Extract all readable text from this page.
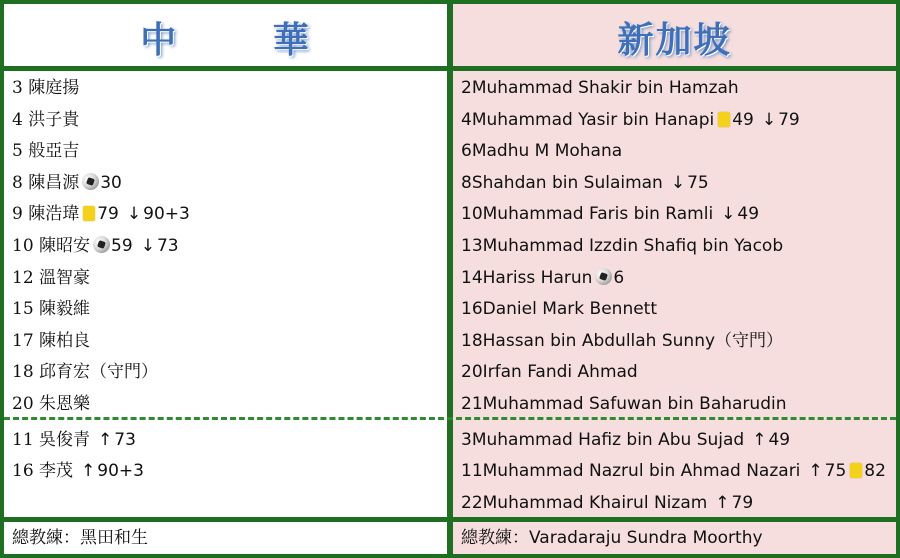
中 華	新加坡
3 陳庭揚
4 洪子貴
5 般亞吉
8 陳昌源 30
9 陳浩瑋 79 ↓ 90+3
10 陳昭安 59 ↓ 73
12 溫智豪
15 陳毅維
17 陳柏良
18 邱育宏（守門）
20 朱恩樂
11 吳俊青 ↑ 73
16 李茂 ↑ 90+3
2Muhammad Shakir bin Hamzah
4Muhammad Yasir bin Hanapi 49 ↓ 79
6Madhu M Mohana
8Shahdan bin Sulaiman ↓ 75
10Muhammad Faris bin Ramli ↓ 49
13Muhammad Izzdin Shafiq bin Yacob
14Hariss Harun 6
16Daniel Mark Bennett
18Hassan bin Abdullah Sunny（守門）
20Irfan Fandi Ahmad
21Muhammad Safuwan bin Baharudin
3Muhammad Hafiz bin Abu Sujad ↑ 49
11Muhammad Nazrul bin Ahmad Nazari ↑ 75 82
22Muhammad Khairul Nizam ↑ 79
總教練：黑田和生	總教練：Varadaraju Sundra Moorthy
